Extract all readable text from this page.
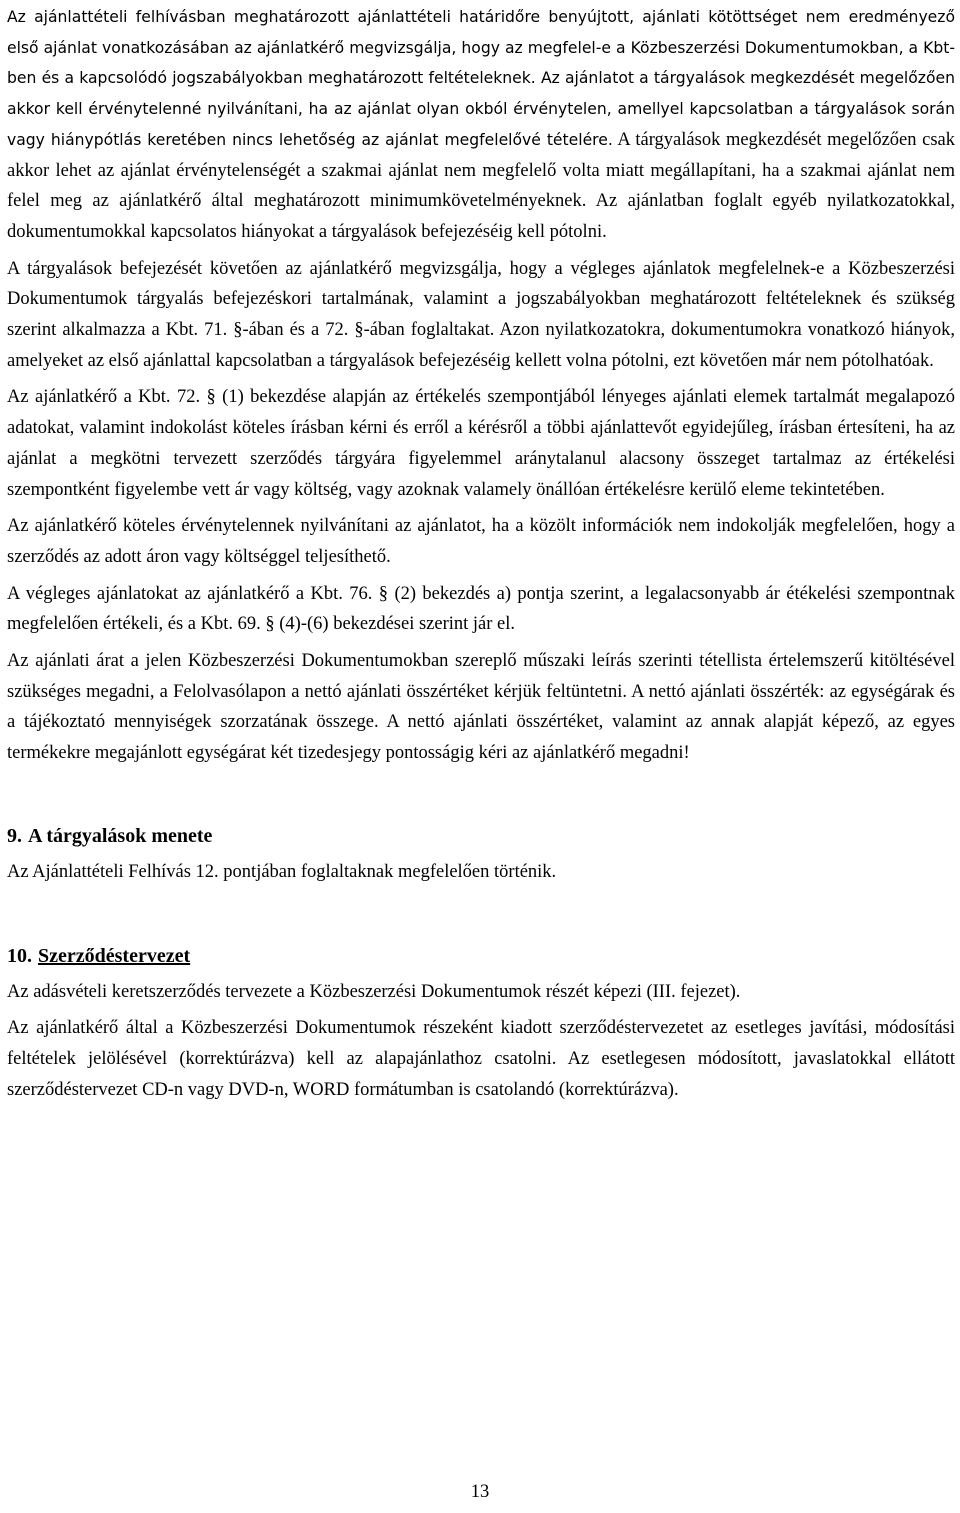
Az ajánlattételi felhívásban meghatározott ajánlattételi határidőre benyújtott, ajánlati kötöttséget nem eredményező első ajánlat vonatkozásában az ajánlatkérő megvizsgálja, hogy az megfelel-e a Közbeszerzési Dokumentumokban, a Kbt-ben és a kapcsolódó jogszabályokban meghatározott feltételeknek. Az ajánlatot a tárgyalások megkezdését megelőzően akkor kell érvénytelenné nyilvánítani, ha az ajánlat olyan okból érvénytelen, amellyel kapcsolatban a tárgyalások során vagy hiánypótlás keretében nincs lehetőség az ajánlat megfelelővé tételére. A tárgyalások megkezdését megelőzően csak akkor lehet az ajánlat érvénytelenségét a szakmai ajánlat nem megfelelő volta miatt megállapítani, ha a szakmai ajánlat nem felel meg az ajánlatkérő által meghatározott minimumkövetelményeknek. Az ajánlatban foglalt egyéb nyilatkozatokkal, dokumentumokkal kapcsolatos hiányokat a tárgyalások befejezéséig kell pótolni.

A tárgyalások befejezését követően az ajánlatkérő megvizsgálja, hogy a végleges ajánlatok megfelelnek-e a Közbeszerzési Dokumentumok tárgyalás befejezéskori tartalmának, valamint a jogszabályokban meghatározott feltételeknek és szükség szerint alkalmazza a Kbt. 71. §-ában és a 72. §-ában foglaltakat. Azon nyilatkozatokra, dokumentumokra vonatkozó hiányok, amelyeket az első ajánlattal kapcsolatban a tárgyalások befejezéséig kellett volna pótolni, ezt követően már nem pótolhatóak.

Az ajánlatkérő a Kbt. 72. § (1) bekezdése alapján az értékelés szempontjából lényeges ajánlati elemek tartalmát megalapozó adatokat, valamint indokolást köteles írásban kérni és erről a kérésről a többi ajánlattevőt egyidejűleg, írásban értesíteni, ha az ajánlat a megkötni tervezett szerződés tárgyára figyelemmel aránytalanul alacsony összeget tartalmaz az értékelési szempontként figyelembe vett ár vagy költség, vagy azoknak valamely önállóan értékelésre kerülő eleme tekintetében.

Az ajánlatkérő köteles érvénytelennek nyilvánítani az ajánlatot, ha a közölt információk nem indokolják megfelelően, hogy a szerződés az adott áron vagy költséggel teljesíthető.

A végleges ajánlatokat az ajánlatkérő a Kbt. 76. § (2) bekezdés a) pontja szerint, a legalacsonyabb ár étékelési szempontnak megfelelően értékeli, és a Kbt. 69. § (4)-(6) bekezdései szerint jár el.

Az ajánlati árat a jelen Közbeszerzési Dokumentumokban szereplő műszaki leírás szerinti tétellista értelemszerű kitöltésével szükséges megadni, a Felolvasólapon a nettó ajánlati összértéket kérjük feltüntetni. A nettó ajánlati összérték: az egységárak és a tájékoztató mennyiségek szorzatának összege. A nettó ajánlati összértéket, valamint az annak alapját képező, az egyes termékekre megajánlott egységárat két tizedesjegy pontosságig kéri az ajánlatkérő megadni!

9. A tárgyalások menete

Az Ajánlattételi Felhívás 12. pontjában foglaltaknak megfelelően történik.

10. Szerződéstervezet

Az adásvételi keretszerződés tervezete a Közbeszerzési Dokumentumok részét képezi (III. fejezet).

Az ajánlatkérő által a Közbeszerzési Dokumentumok részeként kiadott szerződéstervezetet az esetleges javítási, módosítási feltételek jelölésével (korrektúrázva) kell az alapajánlathoz csatolni. Az esetlegesen módosított, javaslatokkal ellátott szerződéstervezet CD-n vagy DVD-n, WORD formátumban is csatolandó (korrektúrázva).

13
